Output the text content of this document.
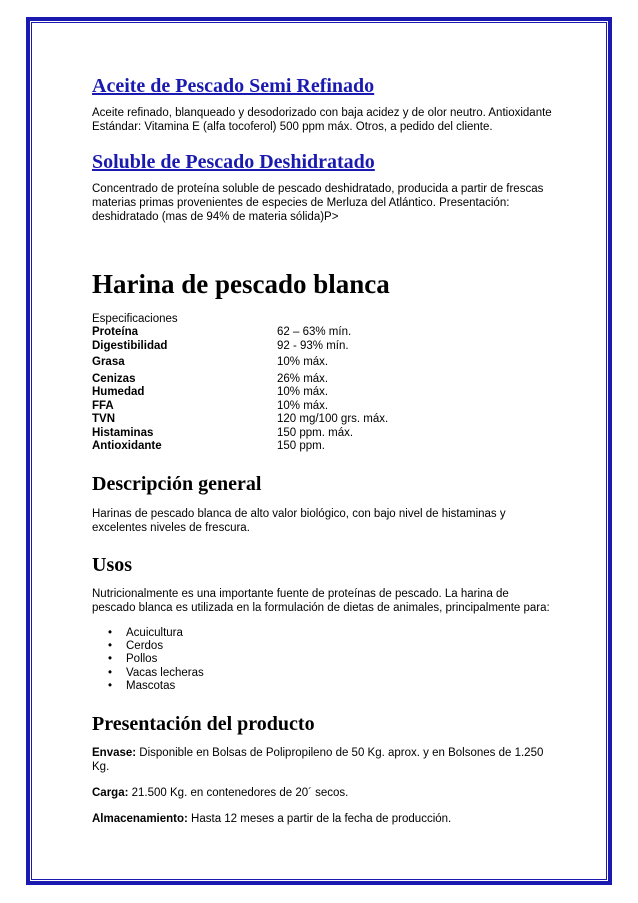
Aceite de Pescado Semi Refinado

Aceite refinado, blanqueado y desodorizado con baja acidez y de olor neutro. Antioxidante Estándar: Vitamina E (alfa tocoferol) 500 ppm máx. Otros, a pedido del cliente.

Soluble de Pescado Deshidratado

Concentrado de proteína soluble de pescado deshidratado, producida a partir de frescas materias primas provenientes de especies de Merluza del Atlántico. Presentación: deshidratado (mas de 94% de materia sólida)P>

Harina de pescado blanca

Especificaciones

Proteína	62 – 63% mín.
Digestibilidad	92 - 93% mín.
Grasa	10% máx.
Cenizas	26% máx.
Humedad	10% máx.
FFA	10% máx.
TVN	120 mg/100 grs. máx.
Histaminas	150 ppm. máx.
Antioxidante	150 ppm.
Descripción general

Harinas de pescado blanca de alto valor biológico, con bajo nivel de histaminas y excelentes niveles de frescura.

Usos

Nutricionalmente es una importante fuente de proteínas de pescado. La harina de pescado blanca es utilizada en la formulación de dietas de animales, principalmente para:

• Acuicultura
• Cerdos
• Pollos
• Vacas lecheras
• Mascotas
Presentación del producto

Envase: Disponible en Bolsas de Polipropileno de 50 Kg. aprox. y en Bolsones de 1.250 Kg.

Carga: 21.500 Kg. en contenedores de 20´ secos.

Almacenamiento: Hasta 12 meses a partir de la fecha de producción.
